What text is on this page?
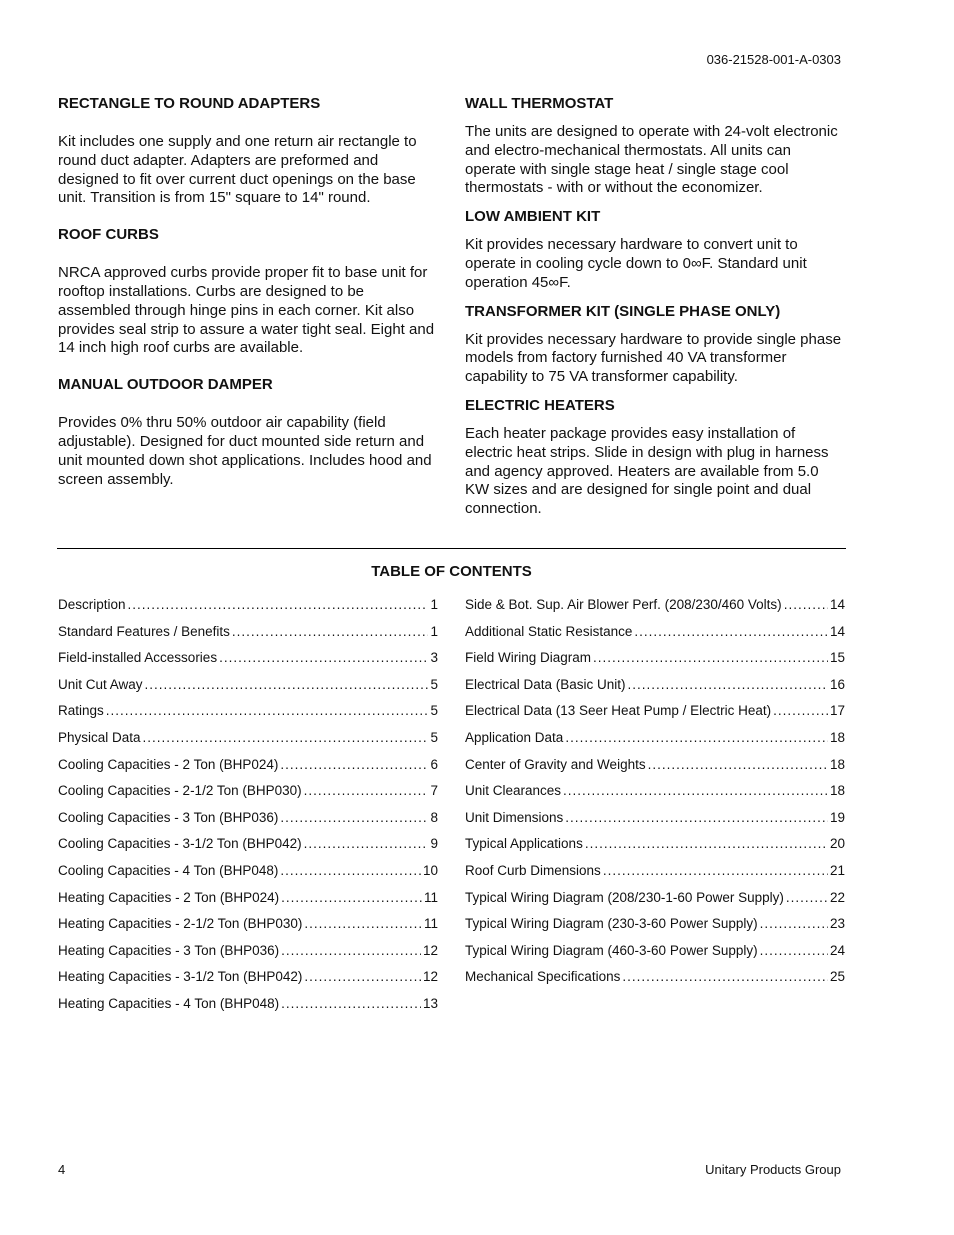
036-21528-001-A-0303
RECTANGLE TO ROUND ADAPTERS

Kit includes one supply and one return air rectangle to round duct adapter. Adapters are preformed and designed to fit over current duct openings on the base unit. Transition is from 15" square to 14" round.

ROOF CURBS

NRCA approved curbs provide proper fit to base unit for rooftop installations. Curbs are designed to be assembled through hinge pins in each corner. Kit also provides seal strip to assure a water tight seal. Eight and 14 inch high roof curbs are available.

MANUAL OUTDOOR DAMPER

Provides 0% thru 50% outdoor air capability (field adjustable). Designed for duct mounted side return and unit mounted down shot applications. Includes hood and screen assembly.

WALL THERMOSTAT

The units are designed to operate with 24-volt electronic and electro-mechanical thermostats. All units can operate with single stage heat / single stage cool thermostats - with or without the economizer.

LOW AMBIENT KIT

Kit provides necessary hardware to convert unit to operate in cooling cycle down to 0∞F. Standard unit operation 45∞F.

TRANSFORMER KIT (SINGLE PHASE ONLY)

Kit provides necessary hardware to provide single phase models from factory furnished 40 VA transformer capability to 75 VA transformer capability.

ELECTRIC HEATERS

Each heater package provides easy installation of electric heat strips. Slide in design with plug in harness and agency approved. Heaters are available from 5.0 KW sizes and are designed for single point and dual connection.

TABLE OF CONTENTS
Description .....	1
Standard Features / Benefits .....	1
Field-installed Accessories .....	3
Unit Cut Away .....	5
Ratings .....	5
Physical Data .....	5
Cooling Capacities - 2 Ton (BHP024) .....	6
Cooling Capacities - 2-1/2 Ton (BHP030) .....	7
Cooling Capacities - 3 Ton (BHP036) .....	8
Cooling Capacities - 3-1/2 Ton (BHP042) .....	9
Cooling Capacities - 4 Ton (BHP048) .....	10
Heating Capacities - 2 Ton (BHP024) .....	11
Heating Capacities - 2-1/2 Ton (BHP030) .....	11
Heating Capacities - 3 Ton (BHP036) .....	12
Heating Capacities - 3-1/2 Ton (BHP042) .....	12
Heating Capacities - 4 Ton (BHP048) .....	13
Side & Bot. Sup. Air Blower Perf. (208/230/460 Volts) .....	14
Additional Static Resistance .....	14
Field Wiring Diagram .....	15
Electrical Data (Basic Unit) .....	16
Electrical Data (13 Seer Heat Pump / Electric Heat) .....	17
Application Data .....	18
Center of Gravity and Weights .....	18
Unit Clearances .....	18
Unit Dimensions .....	19
Typical Applications .....	20
Roof Curb Dimensions .....	21
Typical Wiring Diagram (208/230-1-60 Power Supply) .....	22
Typical Wiring Diagram (230-3-60 Power Supply) .....	23
Typical Wiring Diagram (460-3-60 Power Supply) .....	24
Mechanical Specifications .....	25
4	Unitary Products Group
